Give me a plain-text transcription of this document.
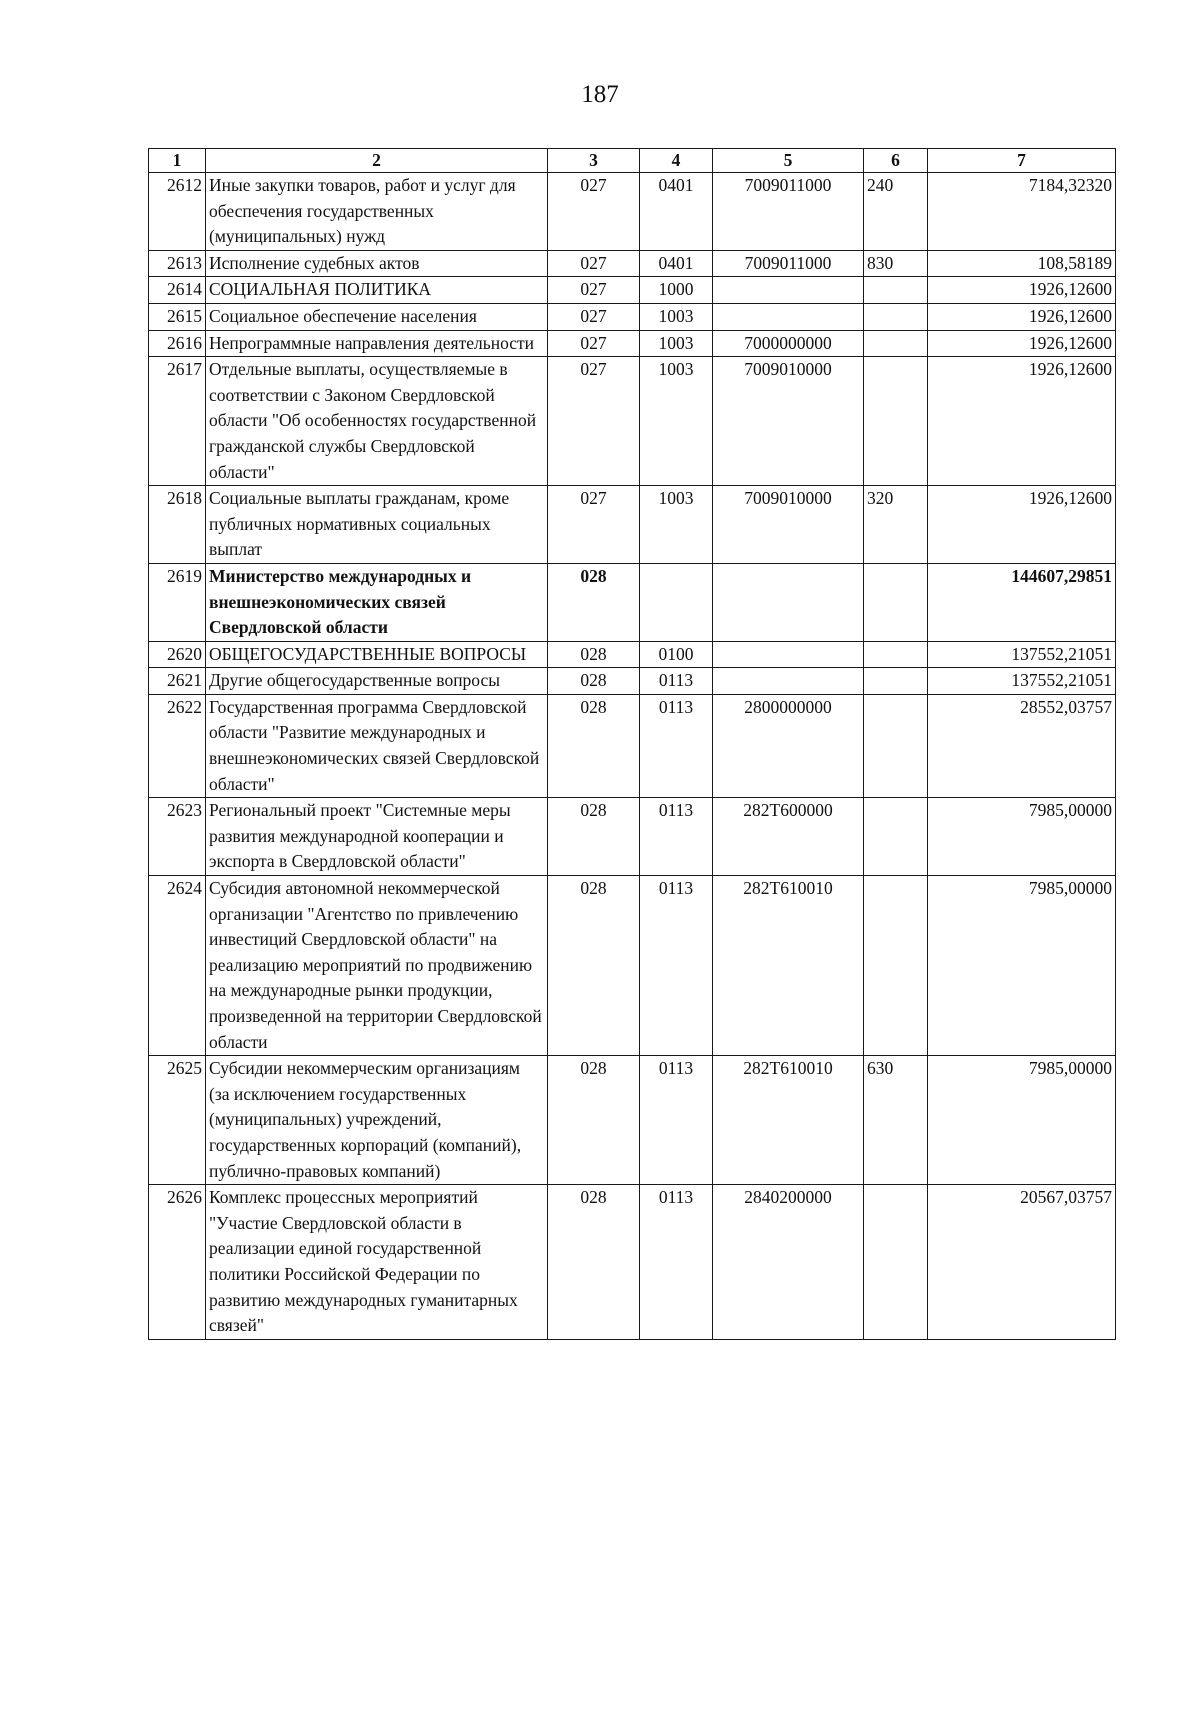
187
1	2	3	4	5	6	7
2612	Иные закупки товаров, работ и услуг для обеспечения государственных (муниципальных) нужд	027	0401	7009011000	240	7184,32320
2613	Исполнение судебных актов	027	0401	7009011000	830	108,58189
2614	СОЦИАЛЬНАЯ ПОЛИТИКА	027	1000			1926,12600
2615	Социальное обеспечение населения	027	1003			1926,12600
2616	Непрограммные направления деятельности	027	1003	7000000000		1926,12600
2617	Отдельные выплаты, осуществляемые в соответствии с Законом Свердловской области "Об особенностях государственной гражданской службы Свердловской области"	027	1003	7009010000		1926,12600
2618	Социальные выплаты гражданам, кроме публичных нормативных социальных выплат	027	1003	7009010000	320	1926,12600
2619	Министерство международных и внешнеэкономических связей Свердловской области	028				144607,29851
2620	ОБЩЕГОСУДАРСТВЕННЫЕ ВОПРОСЫ	028	0100			137552,21051
2621	Другие общегосударственные вопросы	028	0113			137552,21051
2622	Государственная программа Свердловской области "Развитие международных и внешнеэкономических связей Свердловской области"	028	0113	2800000000		28552,03757
2623	Региональный проект "Системные меры развития международной кооперации и экспорта в Свердловской области"	028	0113	282Т600000		7985,00000
2624	Субсидия автономной некоммерческой организации "Агентство по привлечению инвестиций Свердловской области" на реализацию мероприятий по продвижению на международные рынки продукции, произведенной на территории Свердловской области	028	0113	282Т610010		7985,00000
2625	Субсидии некоммерческим организациям (за исключением государственных (муниципальных) учреждений, государственных корпораций (компаний), публично-правовых компаний)	028	0113	282Т610010	630	7985,00000
2626	Комплекс процессных мероприятий "Участие Свердловской области в реализации единой государственной политики Российской Федерации по развитию международных гуманитарных связей"	028	0113	2840200000		20567,03757
